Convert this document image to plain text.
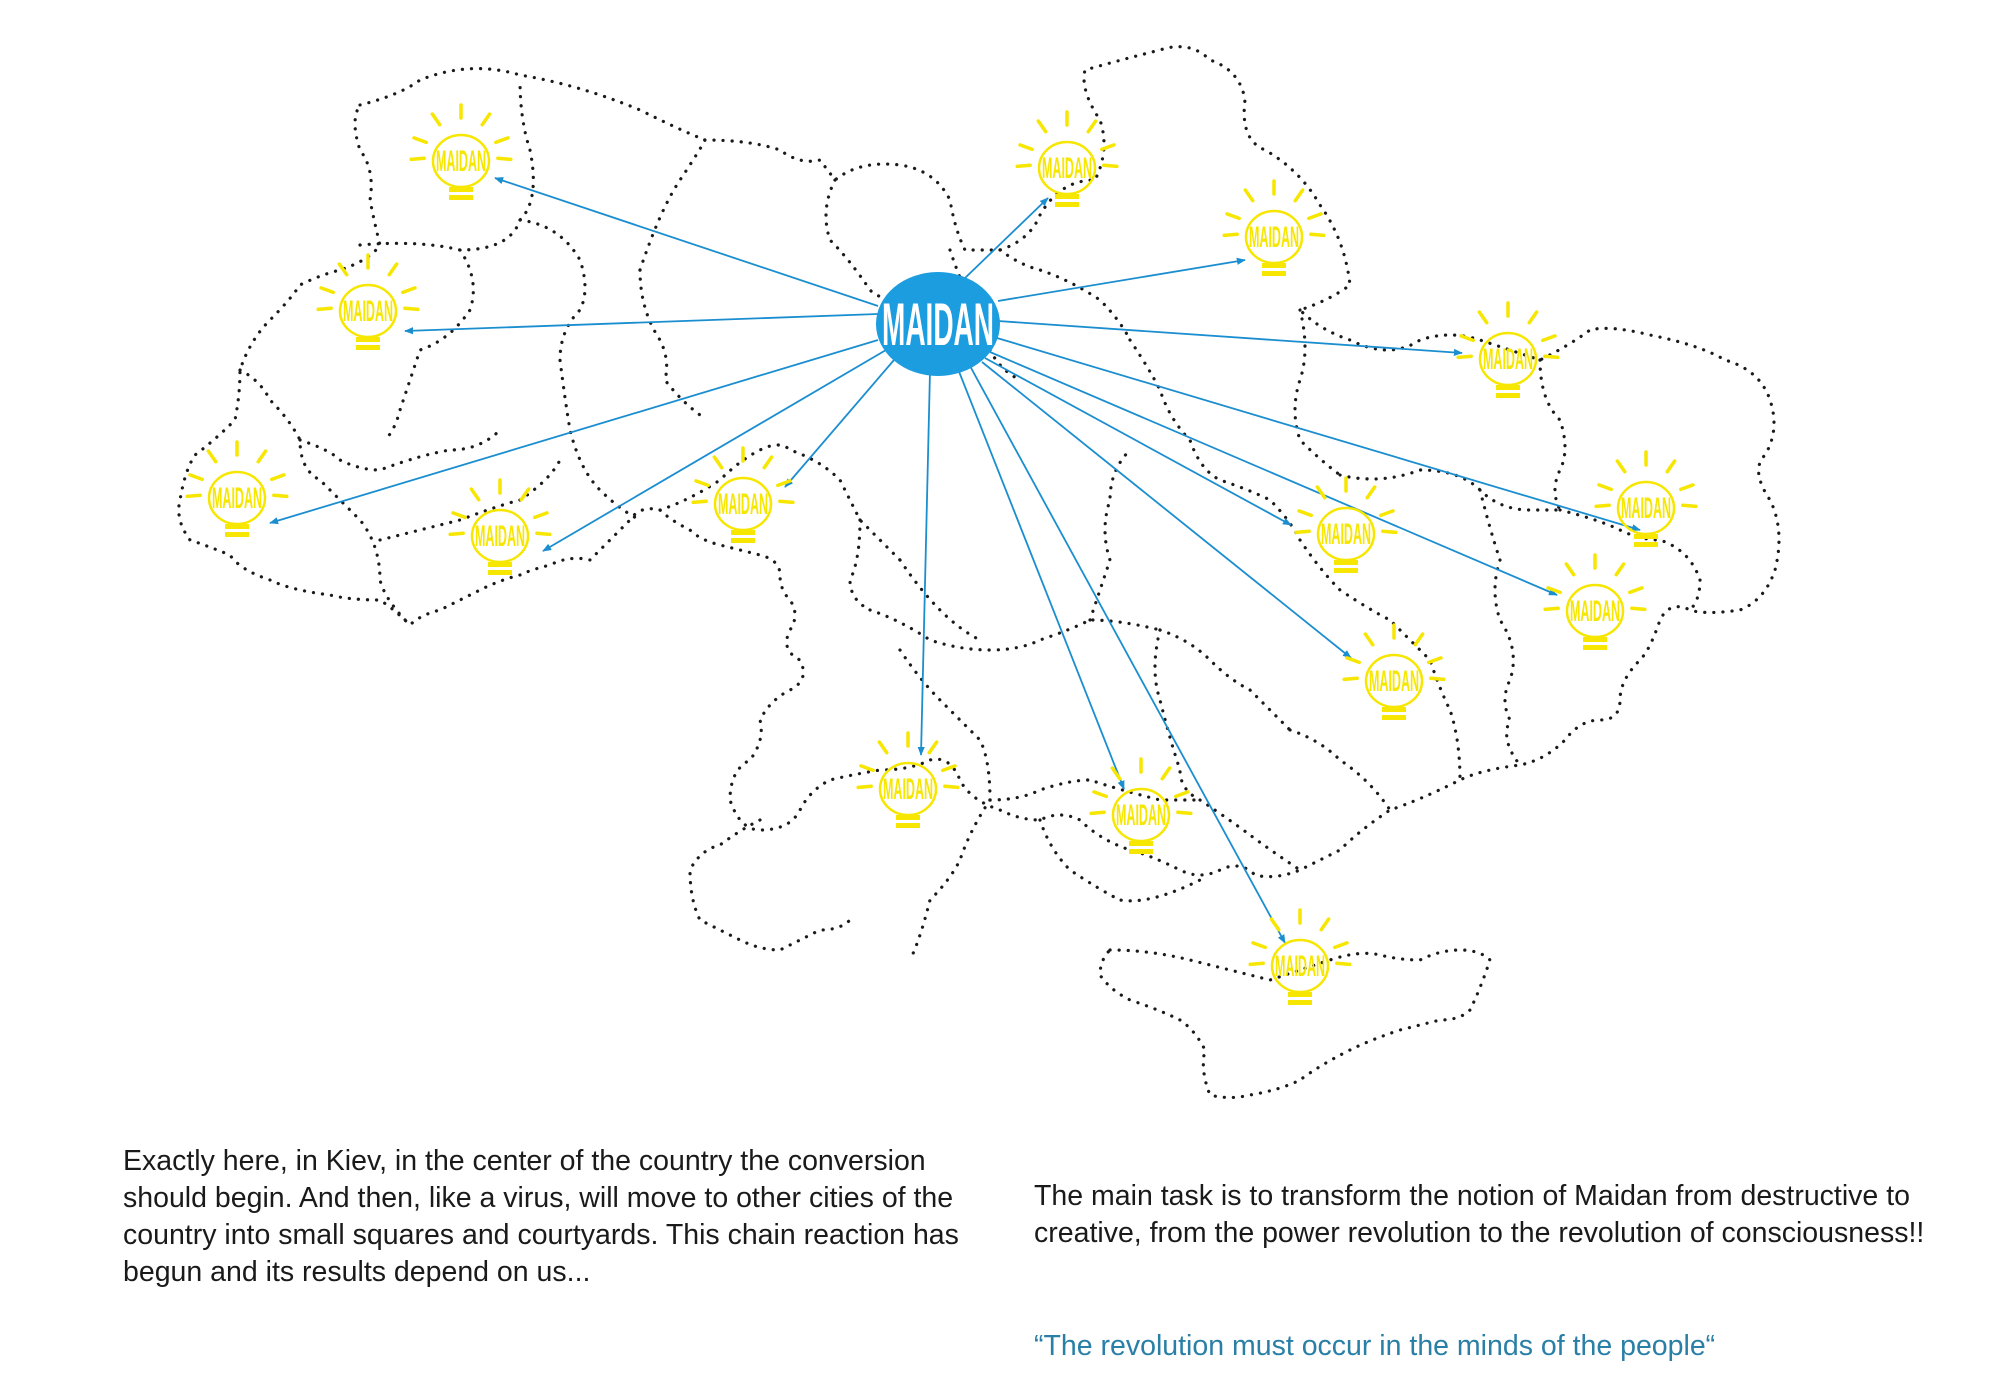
MAIDAN	MAIDAN
MAIDAN
MAIDAN
MAIDAN
MAIDAN
MAIDAN
MAIDAN	MAIDAN
MAIDAN
MAIDAN
MAIDAN
MAIDAN
MAIDAN
MAIDAN
MAIDAN

Exactly here, in Kiev, in the center of the country the conversion should begin. And then, like a virus, will move to other cities of the country into small squares and courtyards. This chain reaction has begun and its results depend on us...

The main task is to transform the notion of Maidan from destructive to creative, from the power revolution to the revolution of consciousness!!

“The revolution must occur in the minds of the people“
